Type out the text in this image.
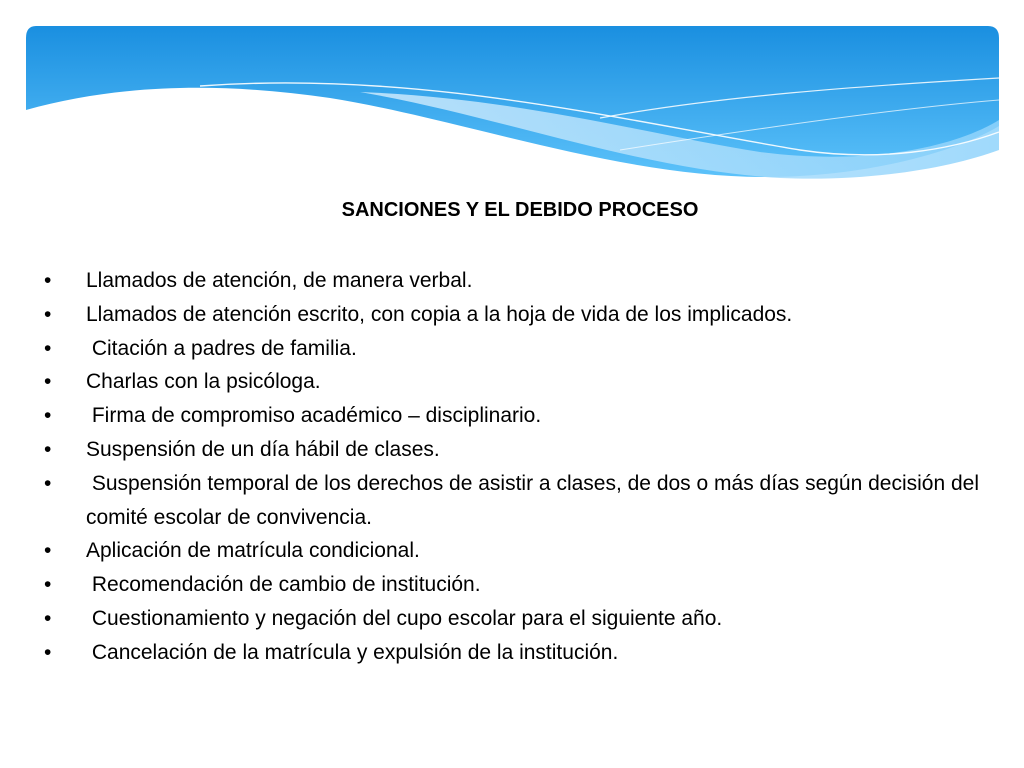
SANCIONES Y EL DEBIDO PROCESO
• Llamados de atención, de manera verbal.
• Llamados de atención escrito, con copia a la hoja de vida de los implicados.
• Citación a padres de familia.
• Charlas con la psicóloga.
• Firma de compromiso académico – disciplinario.
• Suspensión de un día hábil de clases.
• Suspensión temporal de los derechos de asistir a clases, de dos o más días según decisión del comité escolar de convivencia.
• Aplicación de matrícula condicional.
• Recomendación de cambio de institución.
• Cuestionamiento y negación del cupo escolar para el siguiente año.
• Cancelación de la matrícula y expulsión de la institución.
